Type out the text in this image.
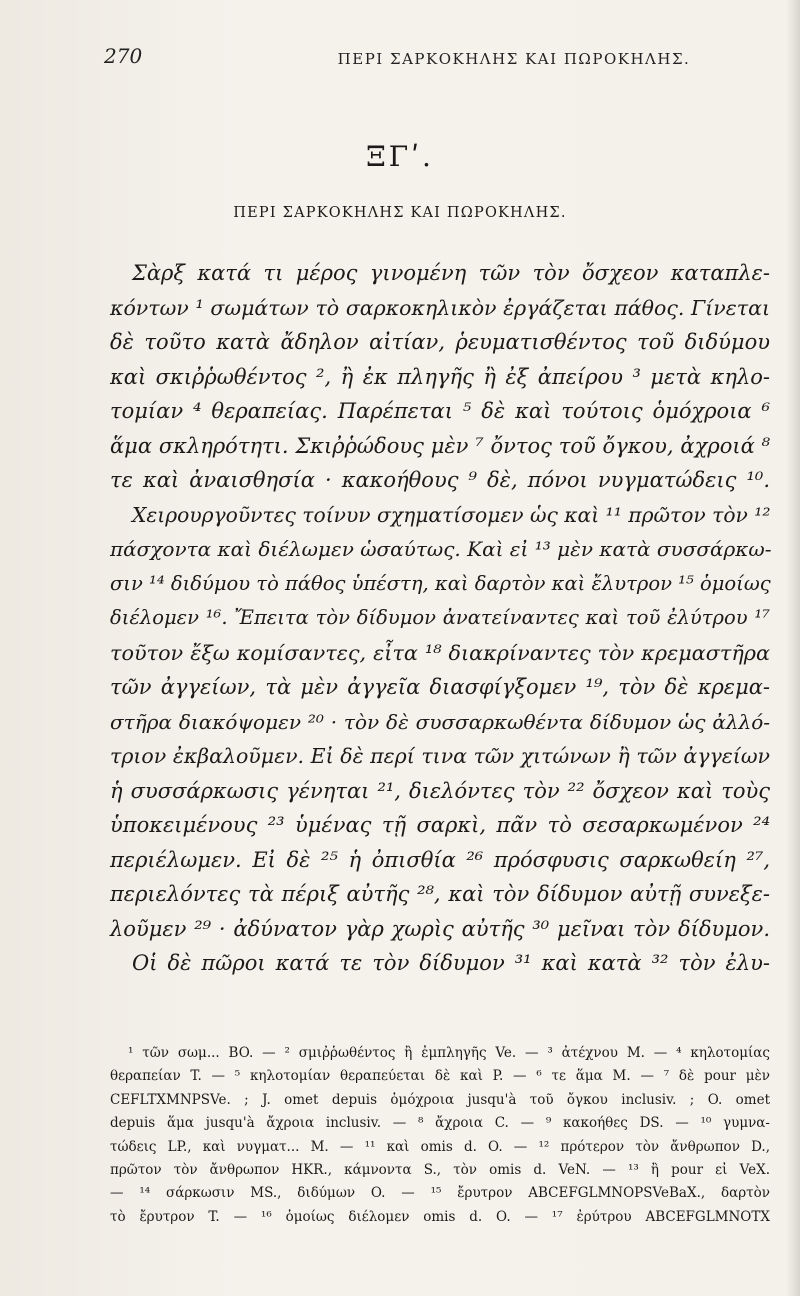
270	ΠΕΡΙ ΣΑΡΚΟΚΗΛΗΣ ΚΑΙ ΠΩΡΟΚΗΛΗΣ.
ΞΓʹ.
ΠΕΡΙ ΣΑΡΚΟΚΗΛΗΣ ΚΑΙ ΠΩΡΟΚΗΛΗΣ.
Σὰρξ κατά τι μέρος γινομένη τῶν τὸν ὄσχεον καταπλε-
κόντων ¹ σωμάτων τὸ σαρκοκηλικὸν ἐργάζεται πάθος. Γίνεται
δὲ τοῦτο κατὰ ἄδηλον αἰτίαν, ῥευματισθέντος τοῦ διδύμου
καὶ σκιῤῥωθέντος ², ἢ ἐκ πληγῆς ἢ ἐξ ἀπείρου ³ μετὰ κηλο-
τομίαν ⁴ θεραπείας. Παρέπεται ⁵ δὲ καὶ τούτοις ὁμόχροια ⁶
ἅμα σκληρότητι. Σκιῤῥώδους μὲν ⁷ ὄντος τοῦ ὄγκου, ἀχροιά ⁸
τε καὶ ἀναισθησία · κακοήθους ⁹ δὲ, πόνοι νυγματώδεις ¹⁰.
Χειρουργοῦντες τοίνυν σχηματίσομεν ὡς καὶ ¹¹ πρῶτον τὸν ¹²
πάσχοντα καὶ διέλωμεν ὡσαύτως. Καὶ εἰ ¹³ μὲν κατὰ συσσάρκω-
σιν ¹⁴ διδύμου τὸ πάθος ὑπέστη, καὶ δαρτὸν καὶ ἔλυτρον ¹⁵ ὁμοίως
διέλομεν ¹⁶. Ἔπειτα τὸν δίδυμον ἀνατείναντες καὶ τοῦ ἐλύτρου ¹⁷
τοῦτον ἔξω κομίσαντες, εἶτα ¹⁸ διακρίναντες τὸν κρεμαστῆρα
τῶν ἀγγείων, τὰ μὲν ἀγγεῖα διασφίγξομεν ¹⁹, τὸν δὲ κρεμα-
στῆρα διακόψομεν ²⁰ · τὸν δὲ συσσαρκωθέντα δίδυμον ὡς ἀλλό-
τριον ἐκβαλοῦμεν. Εἰ δὲ περί τινα τῶν χιτώνων ἢ τῶν ἀγγείων
ἡ συσσάρκωσις γένηται ²¹, διελόντες τὸν ²² ὄσχεον καὶ τοὺς
ὑποκειμένους ²³ ὑμένας τῇ σαρκὶ, πᾶν τὸ σεσαρκωμένον ²⁴
περιέλωμεν. Εἰ δὲ ²⁵ ἡ ὀπισθία ²⁶ πρόσφυσις σαρκωθείη ²⁷,
περιελόντες τὰ πέριξ αὐτῆς ²⁸, καὶ τὸν δίδυμον αὐτῇ συνεξε-
λοῦμεν ²⁹ · ἀδύνατον γὰρ χωρὶς αὐτῆς ³⁰ μεῖναι τὸν δίδυμον.
Οἱ δὲ πῶροι κατά τε τὸν δίδυμον ³¹ καὶ κατὰ ³² τὸν ἐλυ-
¹ τῶν σωμ... BO. — ² σμιῤῥωθέντος ἢ ἐμπληγῆς Ve. — ³ ἀτέχνου M. — ⁴ κηλοτομίας
θεραπείαν T. — ⁵ κηλοτομίαν θεραπεύεται δὲ καὶ P. — ⁶ τε ἅμα M. — ⁷ δὲ pour μὲν
CEFLTXMNPSVe. ; J. omet depuis ὁμόχροια jusqu'à τοῦ ὄγκου inclusiv. ; O. omet
depuis ἅμα jusqu'à ἄχροια inclusiv. — ⁸ ἄχροια C. — ⁹ κακοήθες DS. — ¹⁰ γυμνα-
τώδεις LP., καὶ νυγματ... M. — ¹¹ καὶ omis d. O. — ¹² πρότερον τὸν ἄνθρωπον D.,
πρῶτον τὸν ἄνθρωπον HKR., κάμνοντα S., τὸν omis d. VeN. — ¹³ ἢ pour εἰ VeX.
— ¹⁴ σάρκωσιν MS., διδύμων O. — ¹⁵ ἔρυτρον ABCEFGLMNOPSVeBaX., δαρτὸν
τὸ ἔρυτρον T. — ¹⁶ ὁμοίως διέλομεν omis d. O. — ¹⁷ ἐρύτρου ABCEFGLMNOTX
